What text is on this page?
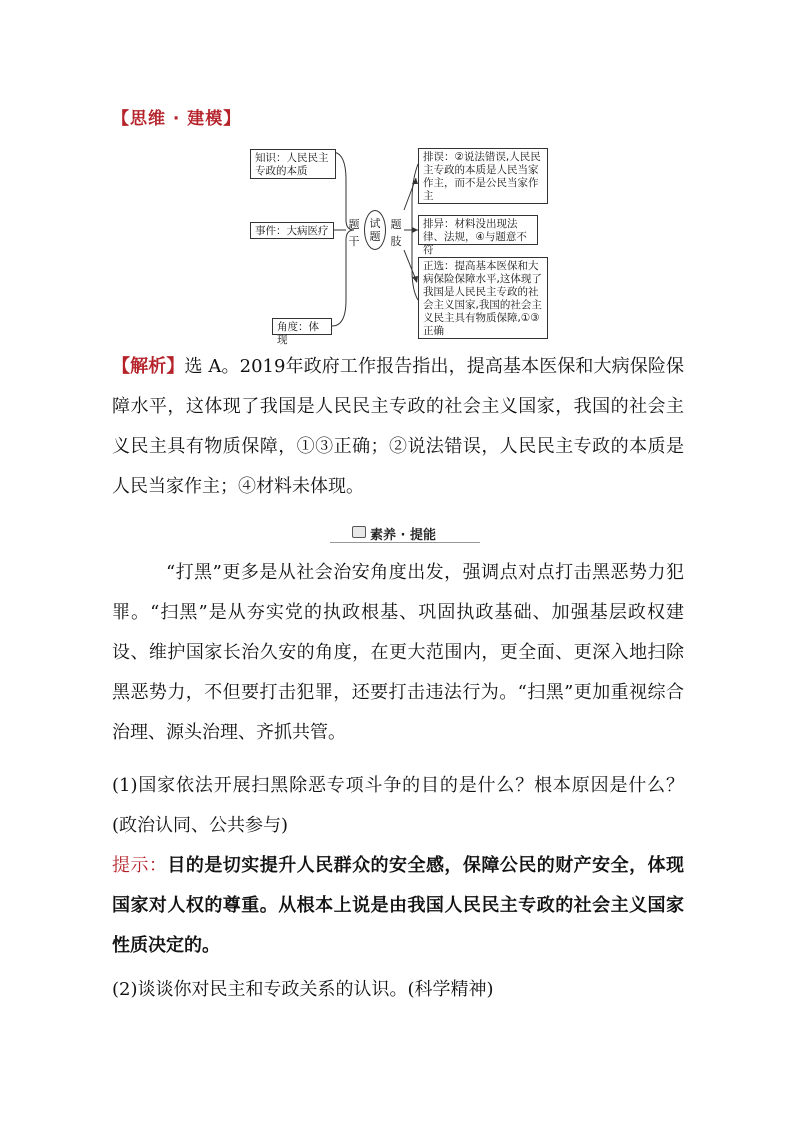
【思维 · 建模】
知识：人民民主专政的本质
事件：大病医疗
角度：体现
题
干
试
题
题
肢
排误：②说法错误,人民民主专政的本质是人民当家作主，而不是公民当家作主
排异：材料没出现法律、法规，④与题意不符
正选：提高基本医保和大病保险保障水平,这体现了我国是人民民主专政的社会主义国家,我国的社会主义民主具有物质保障,①③正确
【解析】选 A。2019年政府工作报告指出，提高基本医保和大病保险保障水平，这体现了我国是人民民主专政的社会主义国家，我国的社会主义民主具有物质保障，①③正确；②说法错误，人民民主专政的本质是人民当家作主；④材料未体现。
素养 · 提能
“打黑”更多是从社会治安角度出发，强调点对点打击黑恶势力犯罪。“扫黑”是从夯实党的执政根基、巩固执政基础、加强基层政权建设、维护国家长治久安的角度，在更大范围内，更全面、更深入地扫除黑恶势力，不但要打击犯罪，还要打击违法行为。“扫黑”更加重视综合治理、源头治理、齐抓共管。
(1)国家依法开展扫黑除恶专项斗争的目的是什么？根本原因是什么？(政治认同、公共参与)
提示：目的是切实提升人民群众的安全感，保障公民的财产安全，体现国家对人权的尊重。从根本上说是由我国人民民主专政的社会主义国家性质决定的。
(2)谈谈你对民主和专政关系的认识。(科学精神)
